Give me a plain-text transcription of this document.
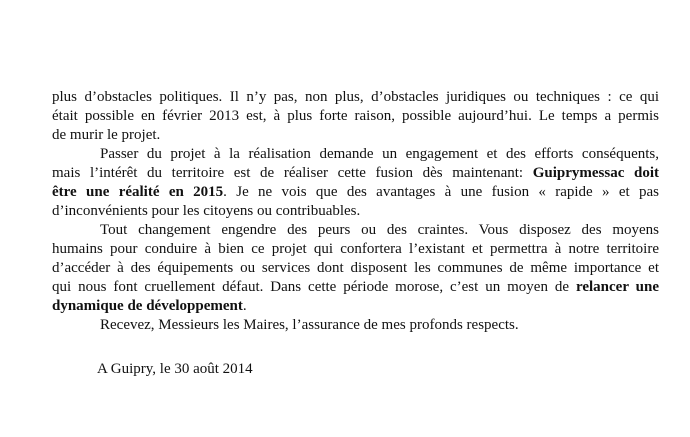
plus d’obstacles politiques. Il n’y pas, non plus, d’obstacles juridiques ou techniques : ce qui
était possible en février 2013 est, à plus forte raison, possible aujourd’hui. Le temps a permis
de murir le projet.

Passer du projet à la réalisation demande un engagement et des efforts conséquents,
mais l’intérêt du territoire est de réaliser cette fusion dès maintenant: Guiprymessac doit
être une réalité en 2015. Je ne vois que des avantages à une fusion « rapide » et pas
d’inconvénients pour les citoyens ou contribuables.

Tout changement engendre des peurs ou des craintes. Vous disposez des moyens
humains pour conduire à bien ce projet qui confortera l’existant et permettra à notre territoire
d’accéder à des équipements ou services dont disposent les communes de même importance et
qui nous font cruellement défaut. Dans cette période morose, c’est un moyen de relancer une
dynamique de développement.

Recevez, Messieurs les Maires, l’assurance de mes profonds respects.

A Guipry, le 30 août 2014
